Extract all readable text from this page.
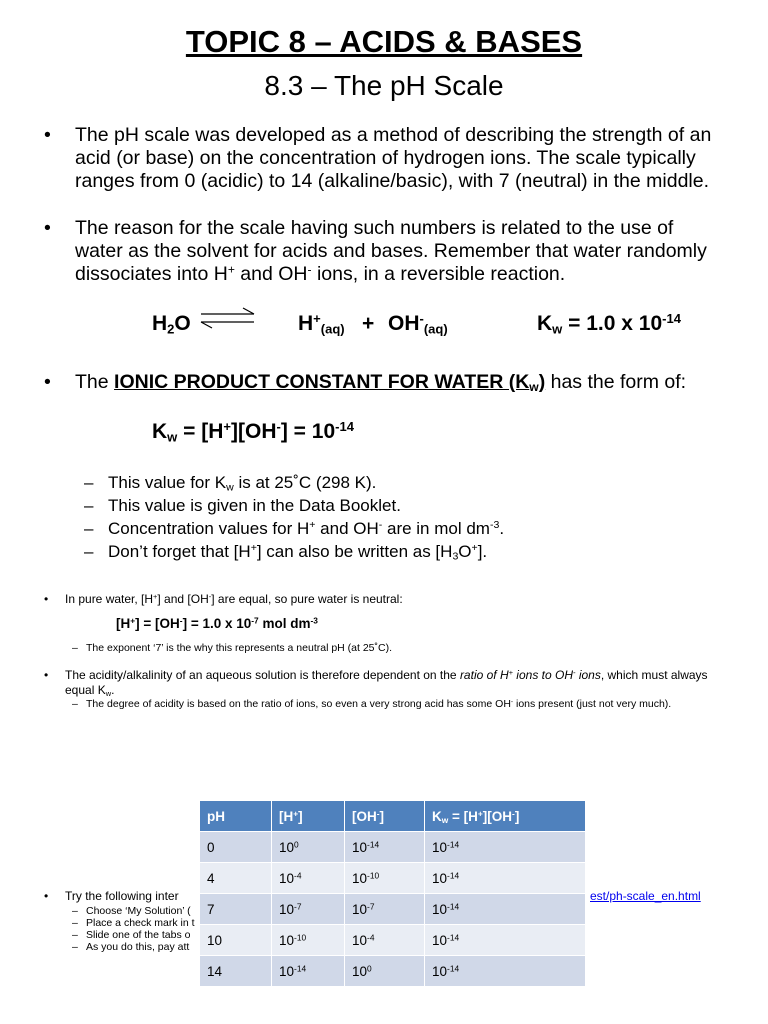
TOPIC 8 – ACIDS & BASES
8.3 – The pH Scale
• The pH scale was developed as a method of describing the strength of an acid (or base) on the concentration of hydrogen ions. The scale typically ranges from 0 (acidic) to 14 (alkaline/basic), with 7 (neutral) in the middle.
• The reason for the scale having such numbers is related to the use of water as the solvent for acids and bases. Remember that water randomly dissociates into H+ and OH- ions, in a reversible reaction.
$H_2O$ ⇌ $H^+_{(aq)} + OH^-_{(aq)}$	$K_w = 1.0$ x $10^{-14}$
• The IONIC PRODUCT CONSTANT FOR WATER $(K_w)$ has the form of:
$K_w = [H^+][OH^-] = 10^{-14}$
– This value for $K_w$ is at 25˚C (298 K).
– This value is given in the Data Booklet.
– Concentration values for H+ and OH- are in mol $dm^{-3}$.
– Don’t forget that [H+] can also be written as $[H_3O^+]$.
• In pure water, [H+] and [OH-] are equal, so pure water is neutral:
[H+] = [OH-] = 1.0 x $10^{-7}$ mol $dm^{-3}$
– The exponent ‘7’ is the why this represents a neutral pH (at 25˚C).
• The acidity/alkalinity of an aqueous solution is therefore dependent on the ratio of H+ ions to OH- ions, which must always equal $K_w$.
– The degree of acidity is based on the ratio of ions, so even a very strong acid has some OH- ions present (just not very much).
• Try the following inter	est/ph-scale_en.html
– Choose ‘My Solution’ (
– Place a check mark in t
– Slide one of the tabs o
– As you do this, pay att
pH	[H+]	[OH-]	$K_w = [H^+][OH^-]$
0	$10^0$	$10^{-14}$	$10^{-14}$
4	$10^{-4}$	$10^{-10}$	$10^{-14}$
7	$10^{-7}$	$10^{-7}$	$10^{-14}$
10	$10^{-10}$	$10^{-4}$	$10^{-14}$
14	$10^{-14}$	$10^0$	$10^{-14}$
